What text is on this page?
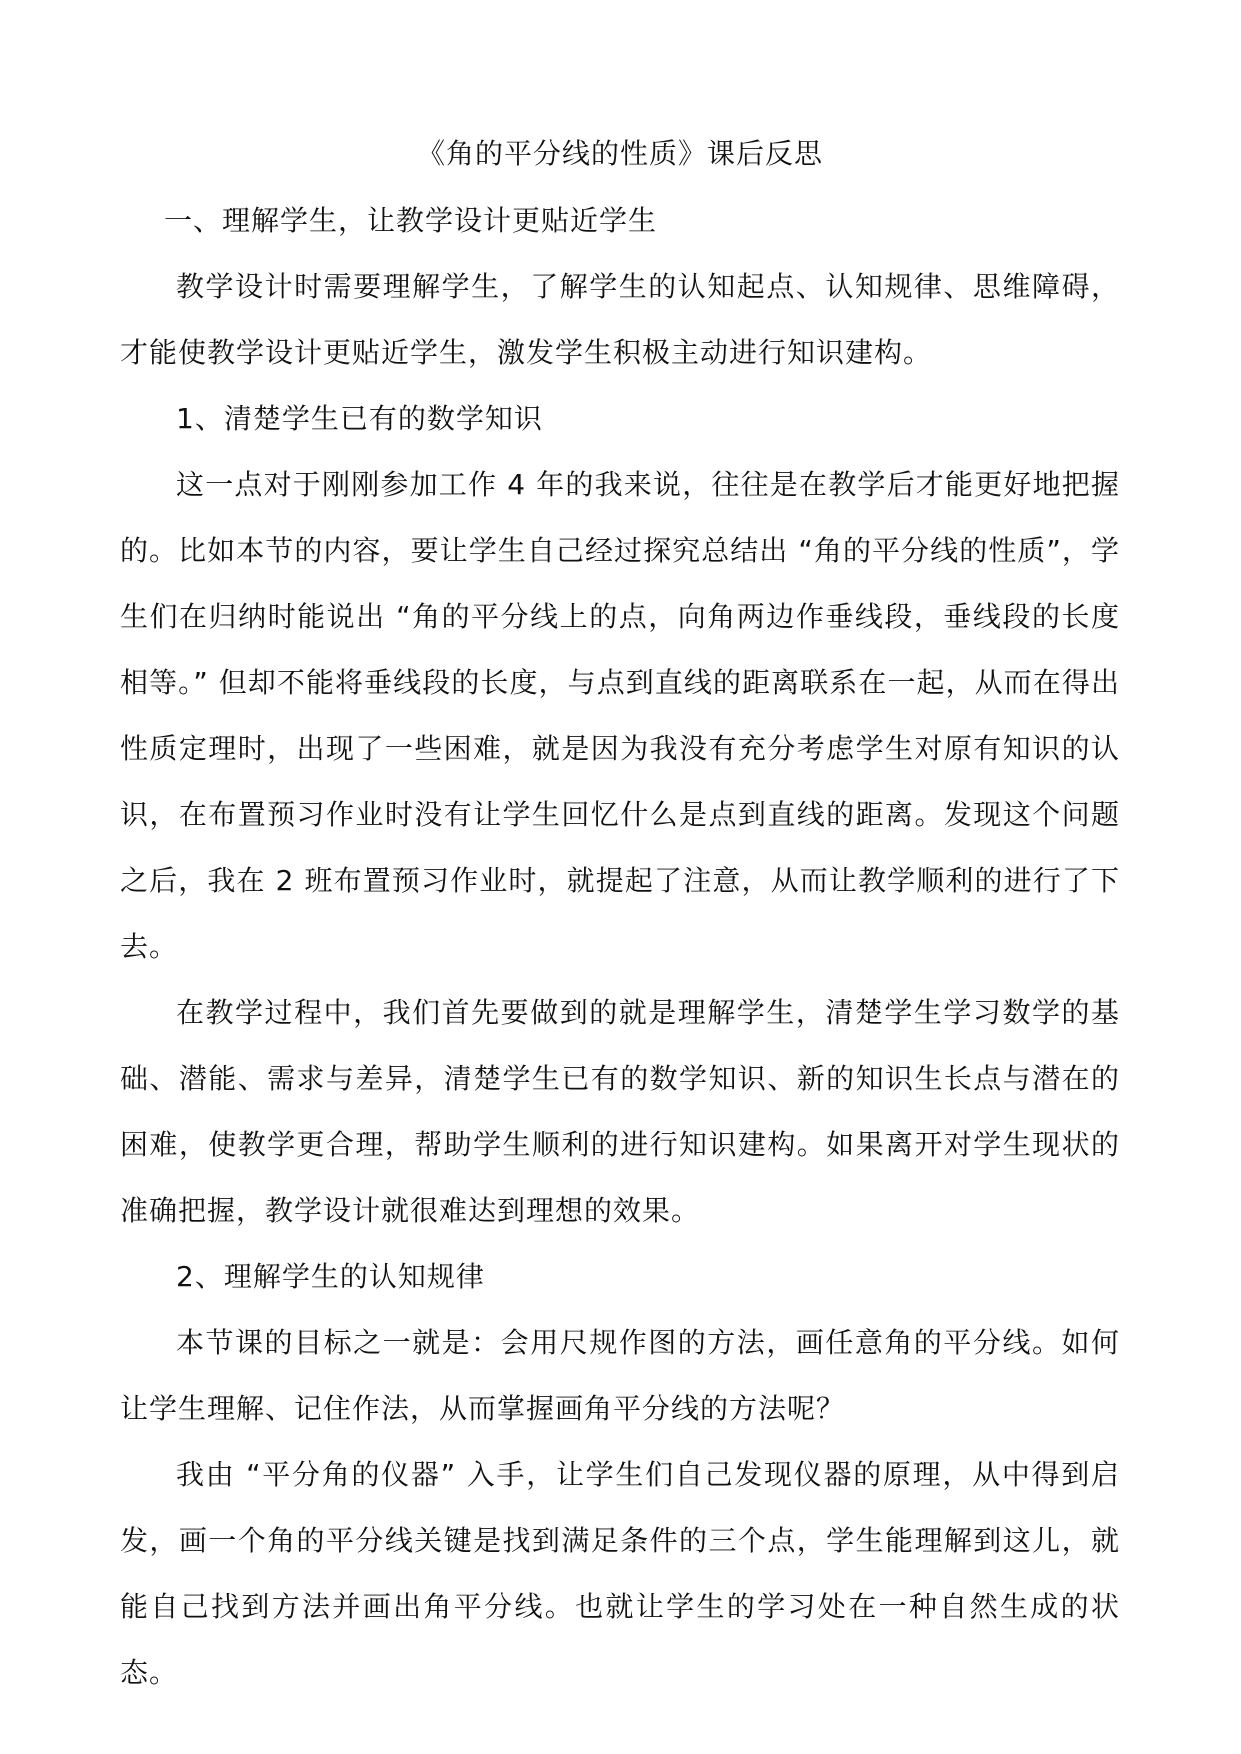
《角的平分线的性质》课后反思

一、理解学生，让教学设计更贴近学生

教学设计时需要理解学生，了解学生的认知起点、认知规律、思维障碍，才能使教学设计更贴近学生，激发学生积极主动进行知识建构。

1、清楚学生已有的数学知识

这一点对于刚刚参加工作 4 年的我来说，往往是在教学后才能更好地把握的。比如本节的内容，要让学生自己经过探究总结出 “角的平分线的性质”，学生们在归纳时能说出 “角的平分线上的点，向角两边作垂线段，垂线段的长度相等。” 但却不能将垂线段的长度，与点到直线的距离联系在一起，从而在得出性质定理时，出现了一些困难，就是因为我没有充分考虑学生对原有知识的认识，在布置预习作业时没有让学生回忆什么是点到直线的距离。发现这个问题之后，我在 2 班布置预习作业时，就提起了注意，从而让教学顺利的进行了下去。

在教学过程中，我们首先要做到的就是理解学生，清楚学生学习数学的基础、潜能、需求与差异，清楚学生已有的数学知识、新的知识生长点与潜在的困难，使教学更合理，帮助学生顺利的进行知识建构。如果离开对学生现状的准确把握，教学设计就很难达到理想的效果。

2、理解学生的认知规律

本节课的目标之一就是：会用尺规作图的方法，画任意角的平分线。如何让学生理解、记住作法，从而掌握画角平分线的方法呢？

我由 “平分角的仪器” 入手，让学生们自己发现仪器的原理，从中得到启发，画一个角的平分线关键是找到满足条件的三个点，学生能理解到这儿，就能自己找到方法并画出角平分线。也就让学生的学习处在一种自然生成的状态。
